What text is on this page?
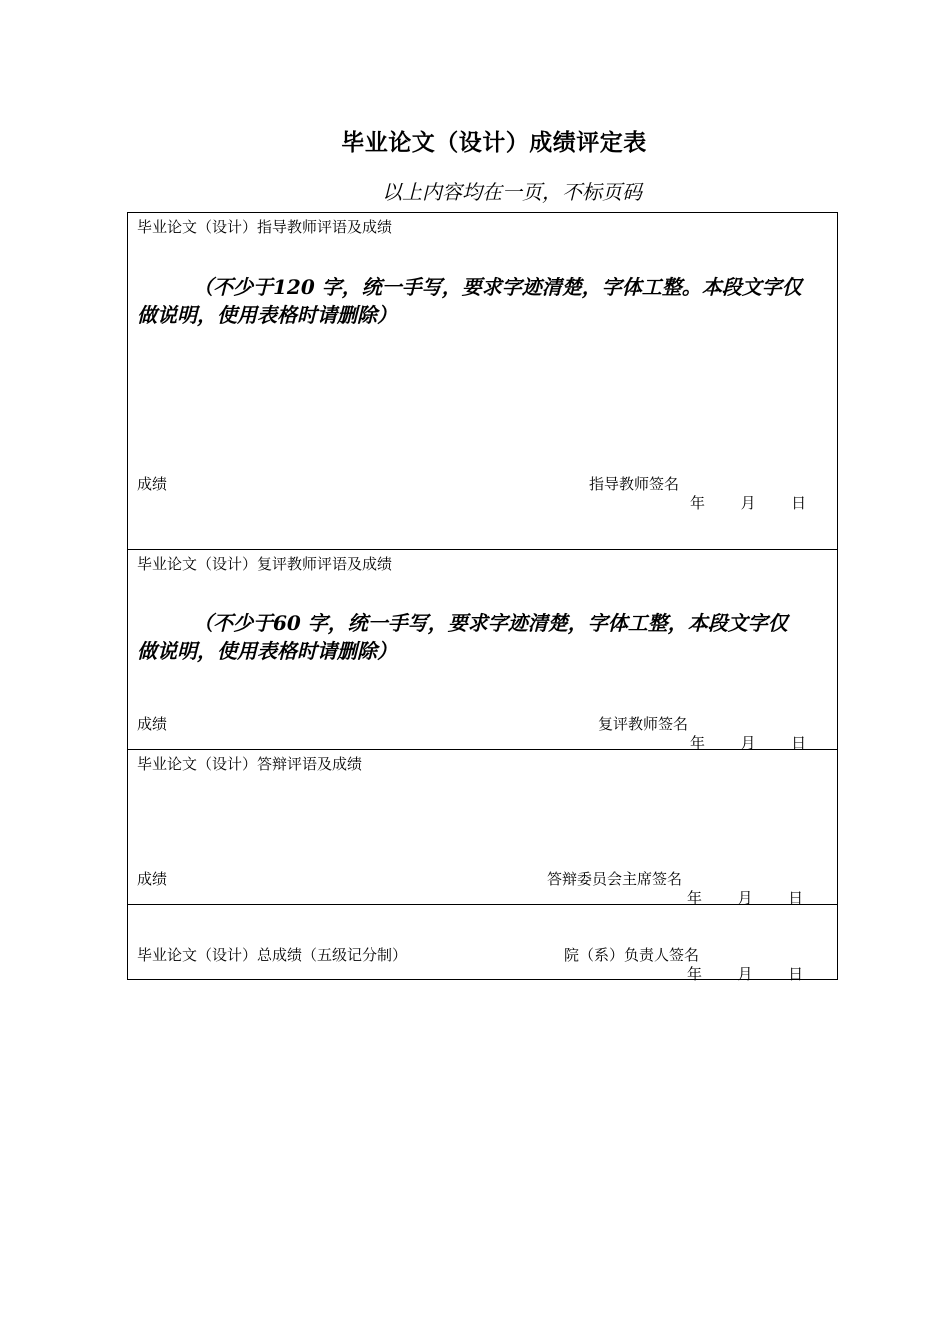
毕业论文（设计）成绩评定表
以上内容均在一页，不标页码
毕业论文（设计）指导教师评语及成绩
（不少于120 字，统一手写，要求字迹清楚，字体工整。本段文字仅做说明，使用表格时请删除）
成绩	指导教师签名
年 月 日
毕业论文（设计）复评教师评语及成绩
（不少于60 字，统一手写，要求字迹清楚，字体工整，本段文字仅做说明，使用表格时请删除）
成绩	复评教师签名
年 月 日
毕业论文（设计）答辩评语及成绩
成绩	答辩委员会主席签名
年 月 日
毕业论文（设计）总成绩（五级记分制）	院（系）负责人签名
年 月 日
